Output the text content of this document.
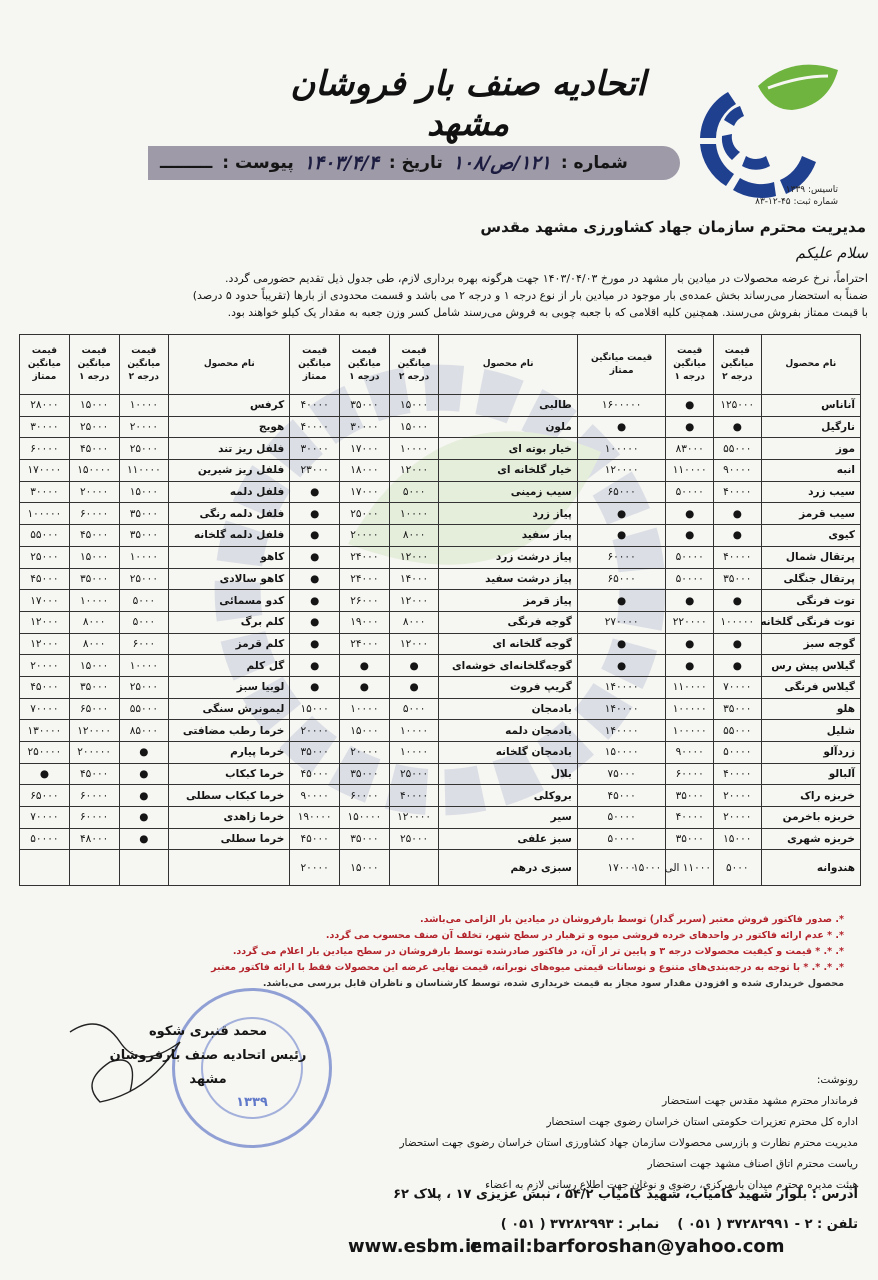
تاسیس: ۱۳۳۹
شماره ثبت: ۴۵-۱۲-۸۳
اتحادیه صنف بار فروشان مشهد
شماره :
۱۲۱/ص/۱۰۸
تاریخ :
۱۴۰۳/۴/۴
پیوست :
ـــــــــ
مدیریت محترم سازمان جهاد کشاورزی مشهد مقدس
سلام علیکم

احتراماً، نرخ عرضه محصولات در میادین بار مشهد در مورخ ۱۴۰۳/۰۴/۰۳ جهت هرگونه بهره برداری لازم، طی جدول ذیل تقدیم حضورمی گردد.

ضمناً به استحضار می‌رساند بخش عمده‌ی بار موجود در میادین بار از نوع درجه ۱ و درجه ۲ می باشد و قسمت محدودی از بارها (تقریباً حدود ۵ درصد)

با قیمت ممتاز بفروش می‌رسند. همچنین کلیه اقلامی که با جعبه چوبی به فروش می‌رسند شامل کسر وزن جعبه به مقدار یک کیلو خواهند بود.

نام محصول	قیمت میانگین درجه ۲	قیمت میانگین درجه ۱	قیمت میانگین ممتاز	نام محصول	قیمت میانگین درجه ۲	قیمت میانگین درجه ۱	قیمت میانگین ممتاز	نام محصول	قیمت میانگین درجه ۲	قیمت میانگین درجه ۱	قیمت میانگین ممتاز
آناناس	۱۲۵۰۰۰	●	۱۶۰۰۰۰۰	طالبی	۱۵۰۰۰	۳۵۰۰۰	۴۰۰۰۰	کرفس	۱۰۰۰۰	۱۵۰۰۰	۲۸۰۰۰
نارگیل	●	●	●	ملون	۱۵۰۰۰	۳۰۰۰۰	۴۰۰۰۰	هویج	۲۰۰۰۰	۲۵۰۰۰	۳۰۰۰۰
موز	۵۵۰۰۰	۸۳۰۰۰	۱۰۰۰۰۰	خیار بوته ای	۱۰۰۰۰	۱۷۰۰۰	۳۰۰۰۰	فلفل ریز تند	۲۵۰۰۰	۴۵۰۰۰	۶۰۰۰۰
انبه	۹۰۰۰۰	۱۱۰۰۰۰	۱۲۰۰۰۰	خیار گلخانه ای	۱۲۰۰۰	۱۸۰۰۰	۲۳۰۰۰	فلفل ریز شیرین	۱۱۰۰۰۰	۱۵۰۰۰۰	۱۷۰۰۰۰
سیب زرد	۴۰۰۰۰	۵۰۰۰۰	۶۵۰۰۰	سیب زمینی	۵۰۰۰	۱۷۰۰۰	●	فلفل دلمه	۱۵۰۰۰	۲۰۰۰۰	۳۰۰۰۰
سیب قرمز	●	●	●	پیاز زرد	۱۰۰۰۰	۲۵۰۰۰	●	فلفل دلمه رنگی	۳۵۰۰۰	۶۰۰۰۰	۱۰۰۰۰۰
کیوی	●	●	●	پیاز سفید	۸۰۰۰	۲۰۰۰۰	●	فلفل دلمه گلخانه	۳۵۰۰۰	۴۵۰۰۰	۵۵۰۰۰
پرتقال شمال	۴۰۰۰۰	۵۰۰۰۰	۶۰۰۰۰	پیاز درشت زرد	۱۲۰۰۰	۲۴۰۰۰	●	کاهو	۱۰۰۰۰	۱۵۰۰۰	۲۵۰۰۰
پرتقال جنگلی	۳۵۰۰۰	۵۰۰۰۰	۶۵۰۰۰	پیاز درشت سفید	۱۴۰۰۰	۲۴۰۰۰	●	کاهو سالادی	۲۵۰۰۰	۳۵۰۰۰	۴۵۰۰۰
توت فرنگی	●	●	●	پیاز قرمز	۱۲۰۰۰	۲۶۰۰۰	●	کدو مسمائی	۵۰۰۰	۱۰۰۰۰	۱۷۰۰۰
توت فرنگی گلخانه	۱۰۰۰۰۰	۲۲۰۰۰۰	۲۷۰۰۰۰	گوجه فرنگی	۸۰۰۰	۱۹۰۰۰	●	کلم برگ	۵۰۰۰	۸۰۰۰	۱۲۰۰۰
گوجه سبز	●	●	●	گوجه گلخانه ای	۱۲۰۰۰	۲۴۰۰۰	●	کلم قرمز	۶۰۰۰	۸۰۰۰	۱۲۰۰۰
گیلاس پیش رس	●	●	●	گوجه‌گلخانه‌ای خوشه‌ای	●	●	●	گل کلم	۱۰۰۰۰	۱۵۰۰۰	۲۰۰۰۰
گیلاس فرنگی	۷۰۰۰۰	۱۱۰۰۰۰	۱۴۰۰۰۰	گریپ فروت	●	●	●	لوبیا سبز	۲۵۰۰۰	۳۵۰۰۰	۴۵۰۰۰
هلو	۳۵۰۰۰	۱۰۰۰۰۰	۱۴۰۰۰۰	بادمجان	۵۰۰۰	۱۰۰۰۰	۱۵۰۰۰	لیمونرش سنگی	۵۵۰۰۰	۶۵۰۰۰	۷۰۰۰۰
شلیل	۵۵۰۰۰	۱۰۰۰۰۰	۱۴۰۰۰۰	بادمجان دلمه	۱۰۰۰۰	۱۵۰۰۰	۲۰۰۰۰	خرما رطب مضافتی	۸۵۰۰۰	۱۲۰۰۰۰	۱۳۰۰۰۰
زردآلو	۵۰۰۰۰	۹۰۰۰۰	۱۵۰۰۰۰	بادمجان گلخانه	۱۰۰۰۰	۲۰۰۰۰	۳۵۰۰۰	خرما پیارم	●	۲۰۰۰۰۰	۲۵۰۰۰۰
آلبالو	۴۰۰۰۰	۶۰۰۰۰	۷۵۰۰۰	بلال	۲۵۰۰۰	۳۵۰۰۰	۴۵۰۰۰	خرما کبکاب	●	۴۵۰۰۰	●
خربزه راک	۲۰۰۰۰	۳۵۰۰۰	۴۵۰۰۰	بروکلی	۴۰۰۰۰	۶۰۰۰۰	۹۰۰۰۰	خرما کبکاب سطلی	●	۶۰۰۰۰	۶۵۰۰۰
خربزه باخرمن	۲۰۰۰۰	۴۰۰۰۰	۵۰۰۰۰	سیر	۱۲۰۰۰۰	۱۵۰۰۰۰	۱۹۰۰۰۰	خرما زاهدی	●	۶۰۰۰۰	۷۰۰۰۰
خربزه شهری	۱۵۰۰۰	۳۵۰۰۰	۵۰۰۰۰	سبز علفی	۲۵۰۰۰	۳۵۰۰۰	۴۵۰۰۰	خرما سطلی	●	۴۸۰۰۰	۵۰۰۰۰
هندوانه	۵۰۰۰	۱۱۰۰۰ الی ۱۵۰۰۰	۱۷۰۰۰	سبزی درهم		۱۵۰۰۰	۲۰۰۰۰				

*. صدور فاکتور فروش معتبر (سربر گدار) توسط بارفروشان در میادین بار الزامی می‌باشد.

*. * عدم ارائه فاکتور در واحدهای خرده فروشی میوه و ترهبار در سطح شهر، تخلف آن صنف محسوب می گردد.

*. *. * قیمت و کیفیت محصولات درجه ۳ و پایین تر از آن، در فاکتور صادرشده توسط بارفروشان در سطح میادین بار اعلام می گردد.

*. *. *. * با توجه به درجه‌بندی‌های متنوع و نوسانات قیمتی میوه‌های نوبرانه، قیمت نهایی عرضه این محصولات فقط با ارائه فاکتور معتبر

محصول خریداری شده و افزودن مقدار سود مجاز به قیمت خریداری شده، توسط کارشناسان و ناظران قابل بررسی می‌باشد.

۱۳۳۹
محمد قنبری شکوه
رئیس اتحادیه صنف بارفروشان مشهد	رونوشت:

فرماندار محترم مشهد مقدس جهت استحضار

اداره کل محترم تعزیرات حکومتی استان خراسان رضوی جهت استحضار

مدیریت محترم نظارت و بازرسی محصولات سازمان جهاد کشاورزی استان خراسان رضوی جهت استحضار

ریاست محترم اتاق اصناف مشهد جهت استحضار

هیئت مدیره محترم میدان بارمرکزی، رضوی و نوغان جهت اطلاع رسانی لازم به اعضاء

آدرس : بلوار شهید کامیاب، شهید کامیاب ۵۴/۲ ، نبش عزیزی ۱۷ ، پلاک ۶۲

تلفن : ۲ - ۳۷۲۸۲۹۹۱ ( ۰۵۱ )    نمابر : ۳۷۲۸۲۹۹۳ ( ۰۵۱ )

www.esbm.ir
email:barforoshan@yahoo.com
